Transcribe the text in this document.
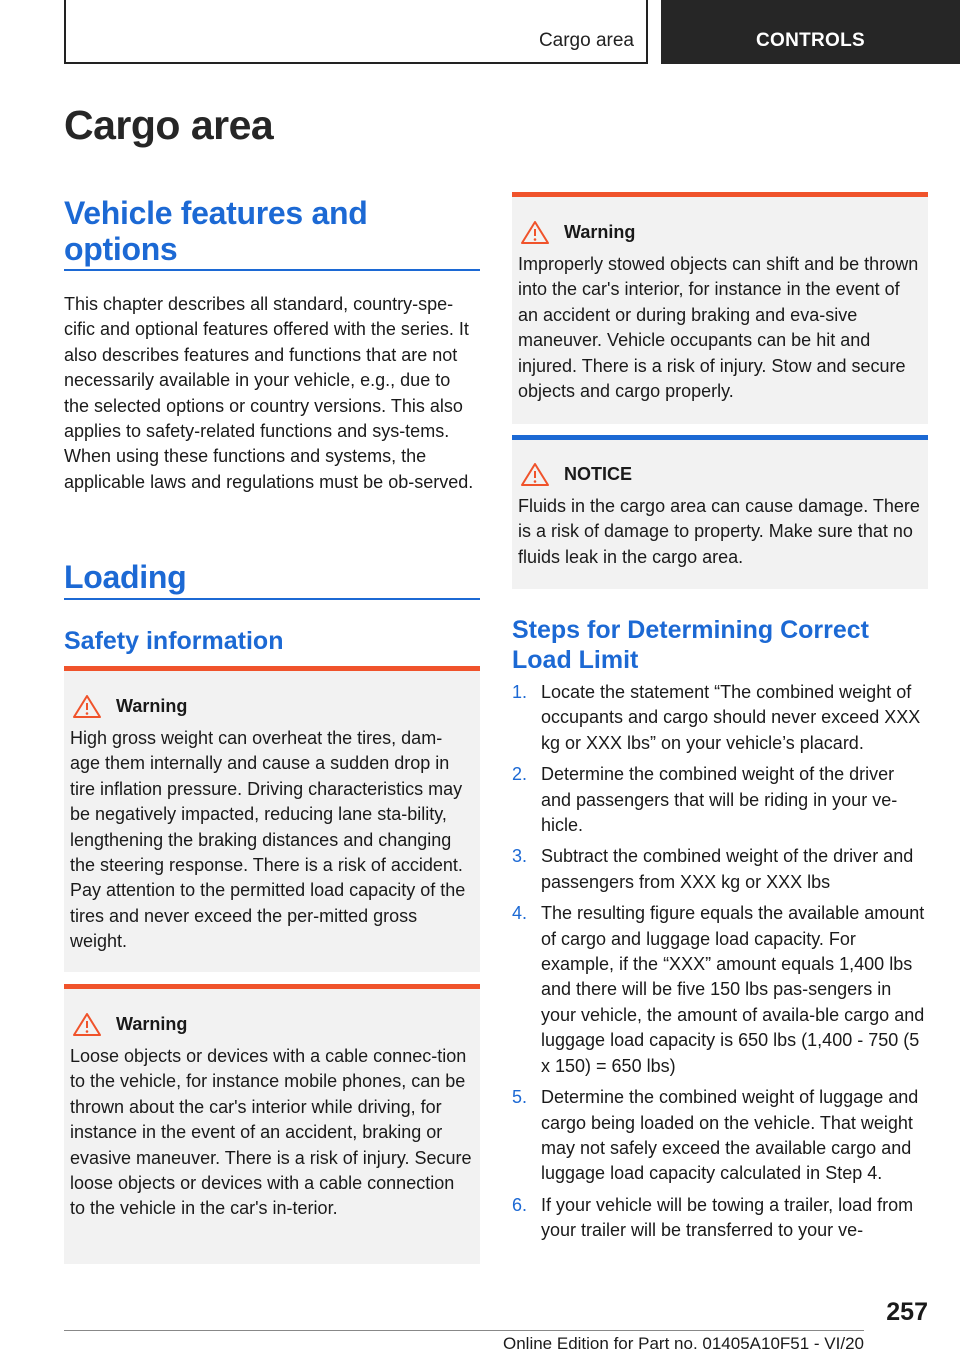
Cargo area	CONTROLS
Cargo area
Vehicle features and options

This chapter describes all standard, country-spe-cific and optional features offered with the series. It also describes features and functions that are not necessarily available in your vehicle, e.g., due to the selected options or country versions. This also applies to safety-related functions and sys-tems. When using these functions and systems, the applicable laws and regulations must be ob-served.

Loading
Safety information
Warning

High gross weight can overheat the tires, dam-age them internally and cause a sudden drop in tire inflation pressure. Driving characteristics may be negatively impacted, reducing lane sta-bility, lengthening the braking distances and changing the steering response. There is a risk of accident. Pay attention to the permitted load capacity of the tires and never exceed the per-mitted gross weight.

Warning

Loose objects or devices with a cable connec-tion to the vehicle, for instance mobile phones, can be thrown about the car's interior while driving, for instance in the event of an accident, braking or evasive maneuver. There is a risk of injury. Secure loose objects or devices with a cable connection to the vehicle in the car's in-terior.

Warning

Improperly stowed objects can shift and be thrown into the car's interior, for instance in the event of an accident or during braking and eva-sive maneuver. Vehicle occupants can be hit and injured. There is a risk of injury. Stow and secure objects and cargo properly.

NOTICE

Fluids in the cargo area can cause damage. There is a risk of damage to property. Make sure that no fluids leak in the cargo area.

Steps for Determining Correct Load Limit
1. Locate the statement “The combined weight of occupants and cargo should never exceed XXX kg or XXX lbs” on your vehicle’s placard.
2. Determine the combined weight of the driver and passengers that will be riding in your ve-hicle.
3. Subtract the combined weight of the driver and passengers from XXX kg or XXX lbs
4. The resulting figure equals the available amount of cargo and luggage load capacity. For example, if the “XXX” amount equals 1,400 lbs and there will be five 150 lbs pas-sengers in your vehicle, the amount of availa-ble cargo and luggage load capacity is 650 lbs (1,400 - 750 (5 x 150) = 650 lbs)
5. Determine the combined weight of luggage and cargo being loaded on the vehicle. That weight may not safely exceed the available cargo and luggage load capacity calculated in Step 4.
6. If your vehicle will be towing a trailer, load from your trailer will be transferred to your ve-
257
Online Edition for Part no. 01405A10F51 - VI/20
